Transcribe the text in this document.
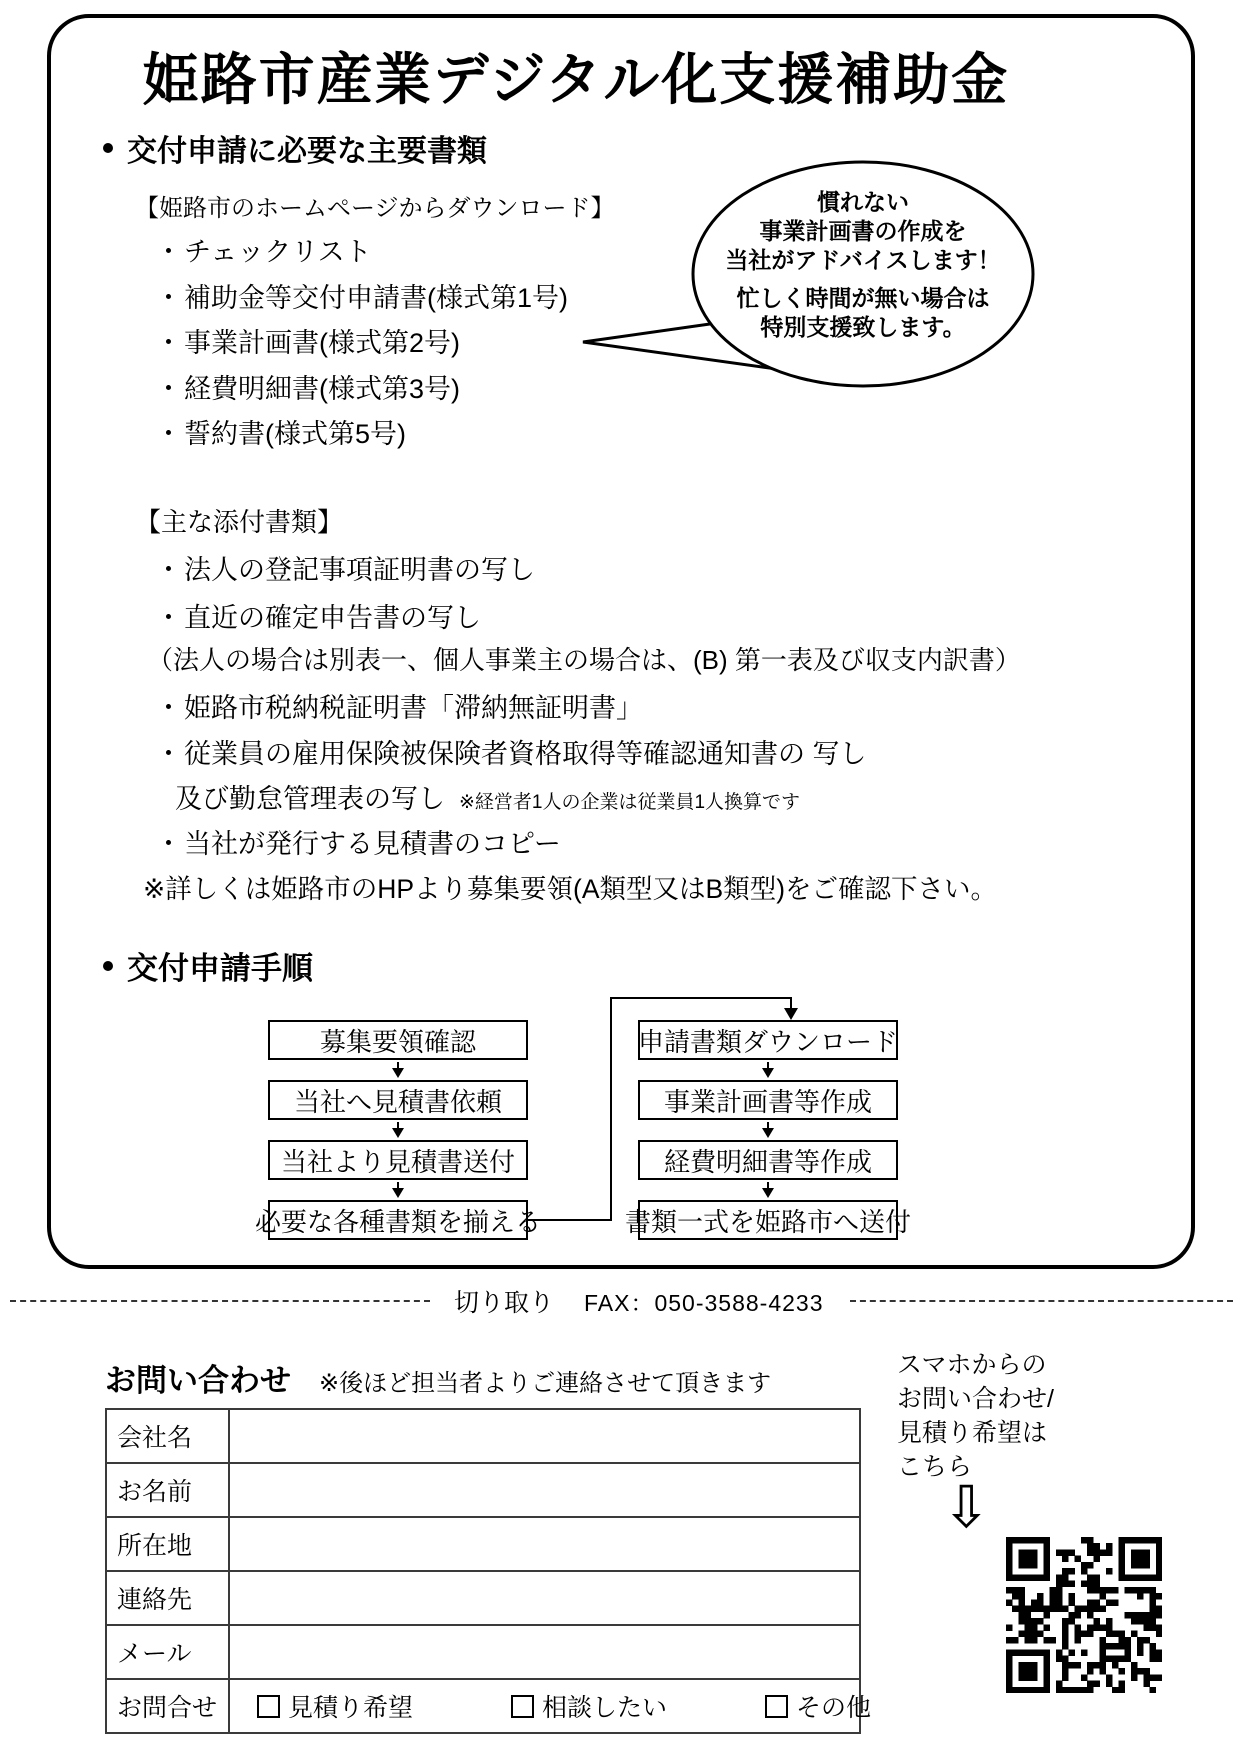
姫路市産業デジタル化支援補助金
交付申請に必要な主要書類
【姫路市のホームページからダウンロード】
・ チェックリスト
・ 補助金等交付申請書(様式第1号)
・ 事業計画書(様式第2号)
・ 経費明細書(様式第3号)
・ 誓約書(様式第5号)
慣れない
事業計画書の作成を
当社がアドバイスします！
忙しく時間が無い場合は
特別支援致します。
【主な添付書類】
・ 法人の登記事項証明書の写し
・ 直近の確定申告書の写し
（法人の場合は別表一、個人事業主の場合は、(B) 第一表及び収支内訳書）
・ 姫路市税納税証明書「滞納無証明書」
・ 従業員の雇用保険被保険者資格取得等確認通知書の 写し
及び勤怠管理表の写し ※経営者1人の企業は従業員1人換算です
・ 当社が発行する見積書のコピー
※詳しくは姫路市のHPより募集要領(A類型又はB類型)をご確認下さい。
交付申請手順
募集要領確認
当社へ見積書依頼
当社より見積書送付
必要な各種書類を揃える
申請書類ダウンロード
事業計画書等作成
経費明細書等作成
書類一式を姫路市へ送付
切り取り FAX：050-3588-4233
お問い合わせ ※後ほど担当者よりご連絡させて頂きます
会社名	
お名前	
所在地	
連絡先	
メール	
お問合せ	見積り希望 相談したい その他
スマホからの
お問い合わせ/
見積り希望は
こちら
⇩
